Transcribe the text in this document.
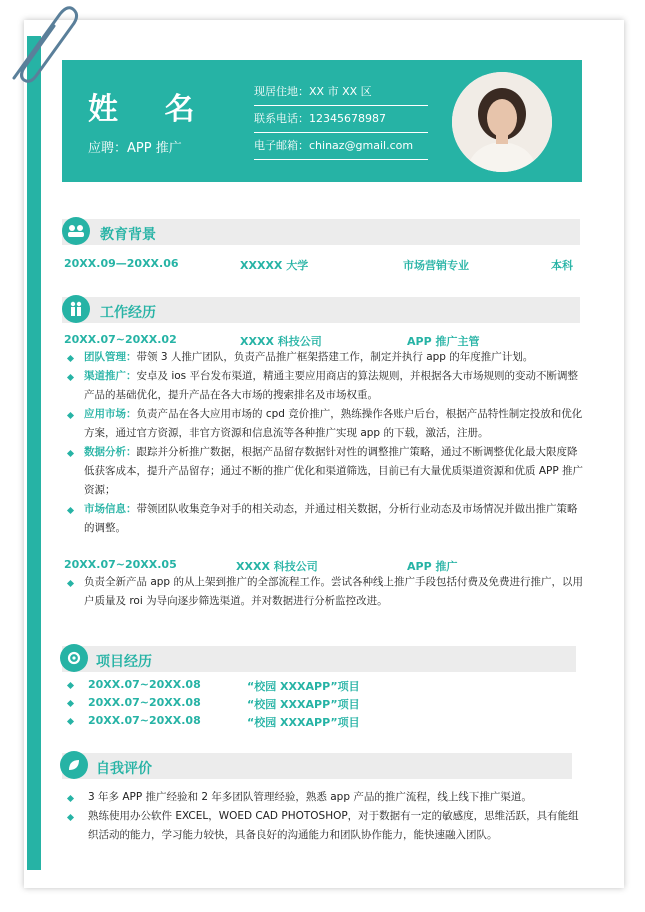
姓 名
应聘：APP 推广
现居住地：XX 市 XX 区
联系电话：12345678987
电子邮箱：chinaz@gmail.com
教育背景
20XX.09—20XX.06	XXXXX 大学	市场营销专业	本科
工作经历
20XX.07~20XX.02	XXXX 科技公司	APP 推广主管
团队管理：带领 3 人推广团队，负责产品推广框架搭建工作，制定并执行 app 的年度推广计划。
渠道推广：安卓及 ios 平台发布渠道，精通主要应用商店的算法规则，并根据各大市场规则的变动不断调整产品的基础优化，提升产品在各大市场的搜索排名及市场权重。
应用市场：负责产品在各大应用市场的 cpd 竞价推广，熟练操作各账户后台，根据产品特性制定投放和优化方案，通过官方资源，非官方资源和信息流等各种推广实现 app 的下载，激活，注册。
数据分析：跟踪并分析推广数据，根据产品留存数据针对性的调整推广策略，通过不断调整优化最大限度降低获客成本，提升产品留存；通过不断的推广优化和渠道筛选，目前已有大量优质渠道资源和优质 APP 推广资源；
市场信息：带领团队收集竞争对手的相关动态，并通过相关数据，分析行业动态及市场情况并做出推广策略的调整。
20XX.07~20XX.05	XXXX 科技公司	APP 推广
负责全新产品 app 的从上架到推广的全部流程工作。尝试各种线上推广手段包括付费及免费进行推广，以用户质量及 roi 为导向逐步筛选渠道。并对数据进行分析监控改进。
项目经历
20XX.07~20XX.08	“校园 XXXAPP”项目
20XX.07~20XX.08	“校园 XXXAPP”项目
20XX.07~20XX.08	“校园 XXXAPP”项目
自我评价
3 年多 APP 推广经验和 2 年多团队管理经验，熟悉 app 产品的推广流程，线上线下推广渠道。
熟练使用办公软件 EXCEL，WOED CAD PHOTOSHOP，对于数据有一定的敏感度，思维活跃，具有能组织活动的能力，学习能力较快，具备良好的沟通能力和团队协作能力，能快速融入团队。
